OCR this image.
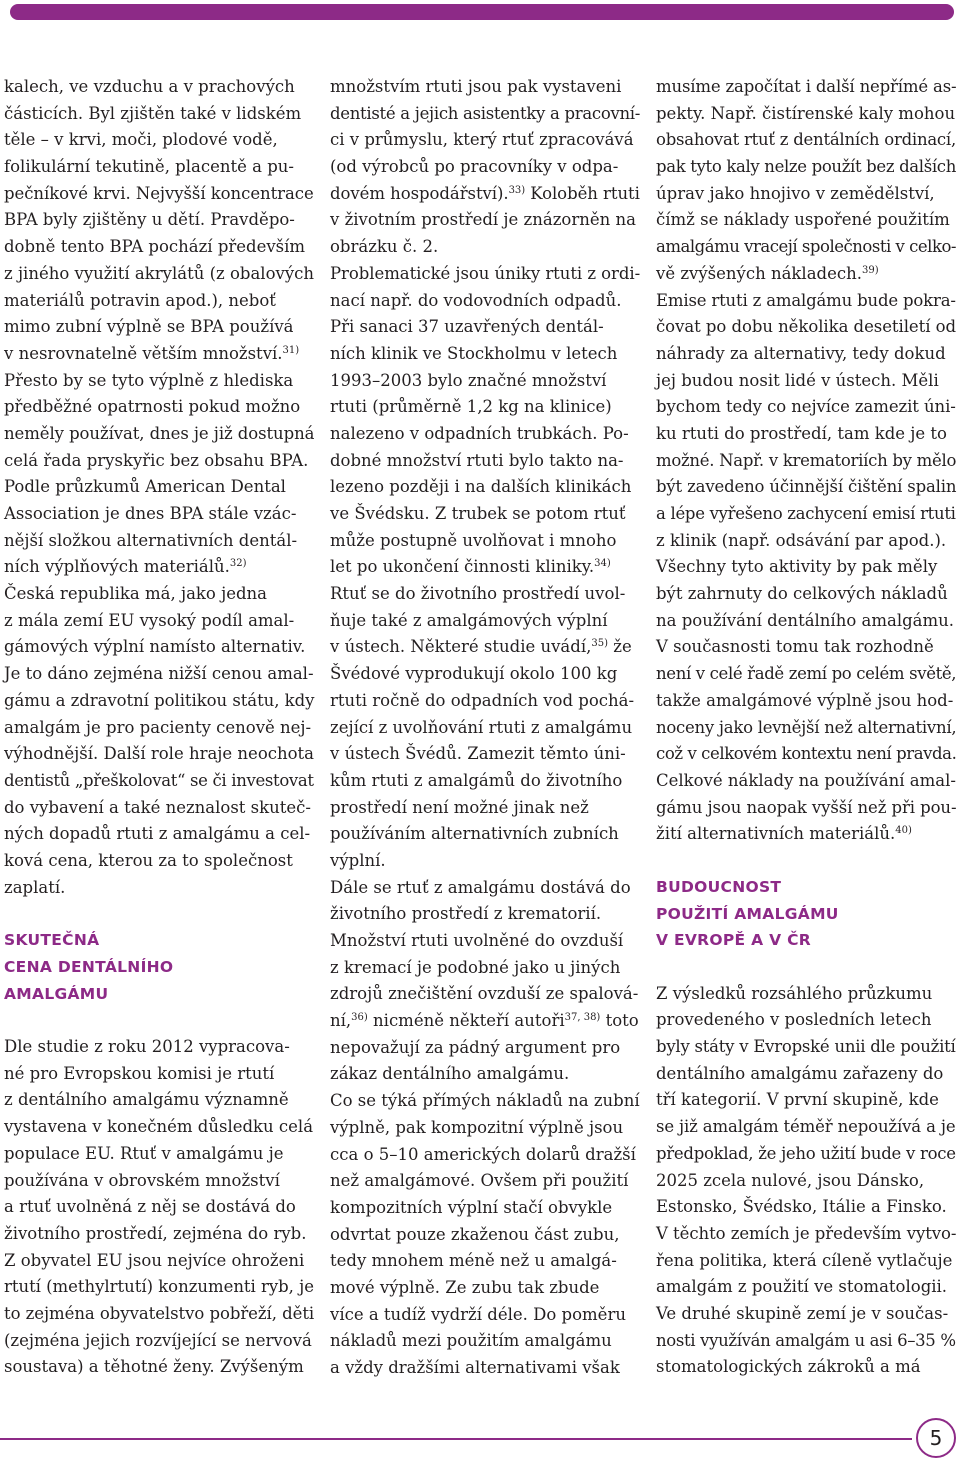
kalech, ve vzduchu a v prachových
částicích. Byl zjištěn také v lidském
těle – v krvi, moči, plodové vodě,
folikulární tekutině, placentě a pu-
pečníkové krvi. Nejvyšší koncentrace
BPA byly zjištěny u dětí. Pravděpo-
dobně tento BPA pochází především
z jiného využití akrylátů (z obalových
materiálů potravin apod.), neboť
mimo zubní výplně se BPA používá
v nesrovnatelně větším množství.$^{31)}$
Přesto by se tyto výplně z hlediska
předběžné opatrnosti pokud možno
neměly používat, dnes je již dostupná
celá řada pryskyřic bez obsahu BPA.
Podle průzkumů American Dental
Association je dnes BPA stále vzác-
nější složkou alternativních dentál-
ních výplňových materiálů.$^{32)}$
Česká republika má, jako jedna
z mála zemí EU vysoký podíl amal-
gámových výplní namísto alternativ.
Je to dáno zejména nižší cenou amal-
gámu a zdravotní politikou státu, kdy
amalgám je pro pacienty cenově nej-
výhodnější. Další role hraje neochota
dentistů „přeškolovat“ se či investovat
do vybavení a také neznalost skuteč-
ných dopadů rtuti z amalgámu a cel-
ková cena, kterou za to společnost
zaplatí.
SKUTEČNÁ
CENA DENTÁLNÍHO
AMALGÁMU
Dle studie z roku 2012 vypracova-
né pro Evropskou komisi je rtutí
z dentálního amalgámu významně
vystavena v konečném důsledku celá
populace EU. Rtuť v amalgámu je
používána v obrovském množství
a rtuť uvolněná z něj se dostává do
životního prostředí, zejména do ryb.
Z obyvatel EU jsou nejvíce ohroženi
rtutí (methylrtutí) konzumenti ryb, je
to zejména obyvatelstvo pobřeží, děti
(zejména jejich rozvíjející se nervová
soustava) a těhotné ženy. Zvýšeným
množstvím rtuti jsou pak vystaveni
dentisté a jejich asistentky a pracovní-
ci v průmyslu, který rtuť zpracovává
(od výrobců po pracovníky v odpa-
dovém hospodářství).$^{33)}$ Koloběh rtuti
v životním prostředí je znázorněn na
obrázku č. 2.
Problematické jsou úniky rtuti z ordi-
nací např. do vodovodních odpadů.
Při sanaci 37 uzavřených dentál-
ních klinik ve Stockholmu v letech
1993–2003 bylo značné množství
rtuti (průměrně 1,2 kg na klinice)
nalezeno v odpadních trubkách. Po-
dobné množství rtuti bylo takto na-
lezeno později i na dalších klinikách
ve Švédsku. Z trubek se potom rtuť
může postupně uvolňovat i mnoho
let po ukončení činnosti kliniky.$^{34)}$
Rtuť se do životního prostředí uvol-
ňuje také z amalgámových výplní
v ústech. Některé studie uvádí,$^{35)}$ že
Švédové vyprodukují okolo 100 kg
rtuti ročně do odpadních vod pochá-
zející z uvolňování rtuti z amalgámu
v ústech Švédů. Zamezit těmto úni-
kům rtuti z amalgámů do životního
prostředí není možné jinak než
používáním alternativních zubních
výplní.
Dále se rtuť z amalgámu dostává do
životního prostředí z krematorií.
Množství rtuti uvolněné do ovzduší
z kremací je podobné jako u jiných
zdrojů znečištění ovzduší ze spalová-
ní,$^{36)}$ nicméně někteří autoři$^{37, 38)}$ toto
nepovažují za pádný argument pro
zákaz dentálního amalgámu.
Co se týká přímých nákladů na zubní
výplně, pak kompozitní výplně jsou
cca o 5–10 amerických dolarů dražší
než amalgámové. Ovšem při použití
kompozitních výplní stačí obvykle
odvrtat pouze zkaženou část zubu,
tedy mnohem méně než u amalgá-
mové výplně. Ze zubu tak zbude
více a tudíž vydrží déle. Do poměru
nákladů mezi použitím amalgámu
a vždy dražšími alternativami však
musíme započítat i další nepřímé as-
pekty. Např. čistírenské kaly mohou
obsahovat rtuť z dentálních ordinací,
pak tyto kaly nelze použít bez dalších
úprav jako hnojivo v zemědělství,
čímž se náklady uspořené použitím
amalgámu vracejí společnosti v celko-
vě zvýšených nákladech.$^{39)}$
Emise rtuti z amalgámu bude pokra-
čovat po dobu několika desetiletí od
náhrady za alternativy, tedy dokud
jej budou nosit lidé v ústech. Měli
bychom tedy co nejvíce zamezit úni-
ku rtuti do prostředí, tam kde je to
možné. Např. v krematoriích by mělo
být zavedeno účinnější čištění spalin
a lépe vyřešeno zachycení emisí rtuti
z klinik (např. odsávání par apod.).
Všechny tyto aktivity by pak měly
být zahrnuty do celkových nákladů
na používání dentálního amalgámu.
V současnosti tomu tak rozhodně
není v celé řadě zemí po celém světě,
takže amalgámové výplně jsou hod-
noceny jako levnější než alternativní,
což v celkovém kontextu není pravda.
Celkové náklady na používání amal-
gámu jsou naopak vyšší než při pou-
žití alternativních materiálů.$^{40)}$
BUDOUCNOST
POUŽITÍ AMALGÁMU
V EVROPĚ A V ČR
Z výsledků rozsáhlého průzkumu
provedeného v posledních letech
byly státy v Evropské unii dle použití
dentálního amalgámu zařazeny do
tří kategorií. V první skupině, kde
se již amalgám téměř nepoužívá a je
předpoklad, že jeho užití bude v roce
2025 zcela nulové, jsou Dánsko,
Estonsko, Švédsko, Itálie a Finsko.
V těchto zemích je především vytvo-
řena politika, která cíleně vytlačuje
amalgám z použití ve stomatologii.
Ve druhé skupině zemí je v součas-
nosti využíván amalgám u asi 6–35 %
stomatologických zákroků a má
5
